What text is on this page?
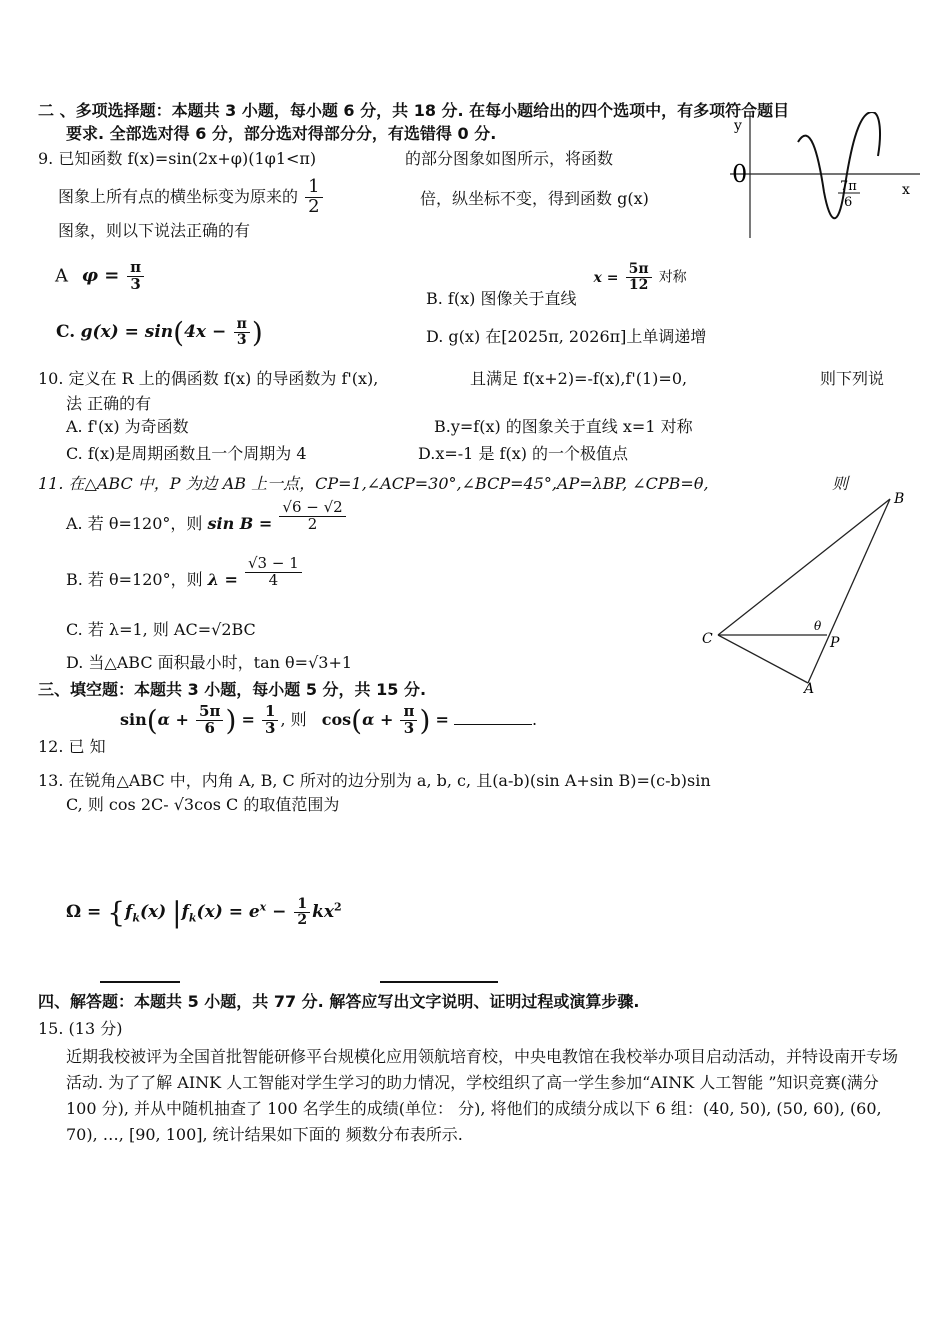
二 、多项选择题：本题共 3 小题，每小题 6 分，共 18 分. 在每小题给出的四个选项中，有多项符合题目
要求. 全部选对得 6 分，部分选对得部分分，有选错得 0 分.
9. 已知函数 f(x)=sin(2x+φ)(1φ1<π)	的部分图象如图所示，将函数
图象上所有点的横坐标变为原来的 $\frac{1}{2}$	倍，纵坐标不变，得到函数 g(x)
图象，则以下说法正确的有
y
x
0	7π
6
A $\varphi = \frac{\pi}{3}$
B. f(x) 图像关于直线 $x = \frac{5\pi}{12}$ 对称
C. $g(x) = \sin(4x - \frac{\pi}{3}$ )	D. g(x) 在[2025π, 2026π]上单调递增
10. 定义在 R 上的偶函数 f(x) 的导函数为 f'(x),	且满足 f(x+2)=-f(x),f'(1)=0,	则下列说
法 正确的有
A. f'(x) 为奇函数	B.y=f(x) 的图象关于直线 x=1 对称
C. f(x)是周期函数且一个周期为 4	D.x=-1 是 f(x) 的一个极值点
11. 在△ABC 中，P 为边 AB 上一点，CP=1,∠ACP=30°,∠BCP=45°,AP=λBP, ∠CPB=θ,	则
A. 若 θ=120°，则 $\sin B = \frac{√6 - √2}{2}$
B. 若 θ=120°，则 $\lambda = \frac{√3 - 1}{4}$
C. 若 λ=1, 则 AC=√2BC
D. 当△ABC 面积最小时，tan θ=√3+1
B
C	P
A
θ
三、填空题：本题共 3 小题，每小题 5 分，共 15 分.
12. 已 知
$\sin(\alpha + \frac{5\pi}{6}$ ) = $\frac{1}{3}$ , 则 $\cos(\alpha + \frac{\pi}{3}$ ) =	.
13. 在锐角△ABC 中，内角 A, B, C 所对的边分别为 a, b, c, 且(a-b)(sin A+sin B)=(c-b)sin
C, 则 cos 2C- √3cos C 的取值范围为
$\Omega = \{f_k(x) |f_k(x) = e^x - \frac{1}{2} kx^2$
四、解答题：本题共 5 小题，共 77 分. 解答应写出文字说明、证明过程或演算步骤.
15. (13 分)
近期我校被评为全国首批智能研修平台规模化应用领航培育校，中央电教馆在我校举办项目启动活动，并特设南开专场活动. 为了了解 AINK 人工智能对学生学习的助力情况，学校组织了高一学生参加“AINK 人工智能 ”知识竞赛(满分 100 分), 并从中随机抽查了 100 名学生的成绩(单位： 分), 将他们的成绩分成以下 6 组：(40, 50), (50, 60), (60, 70), …, [90, 100], 统计结果如下面的 频数分布表所示.
